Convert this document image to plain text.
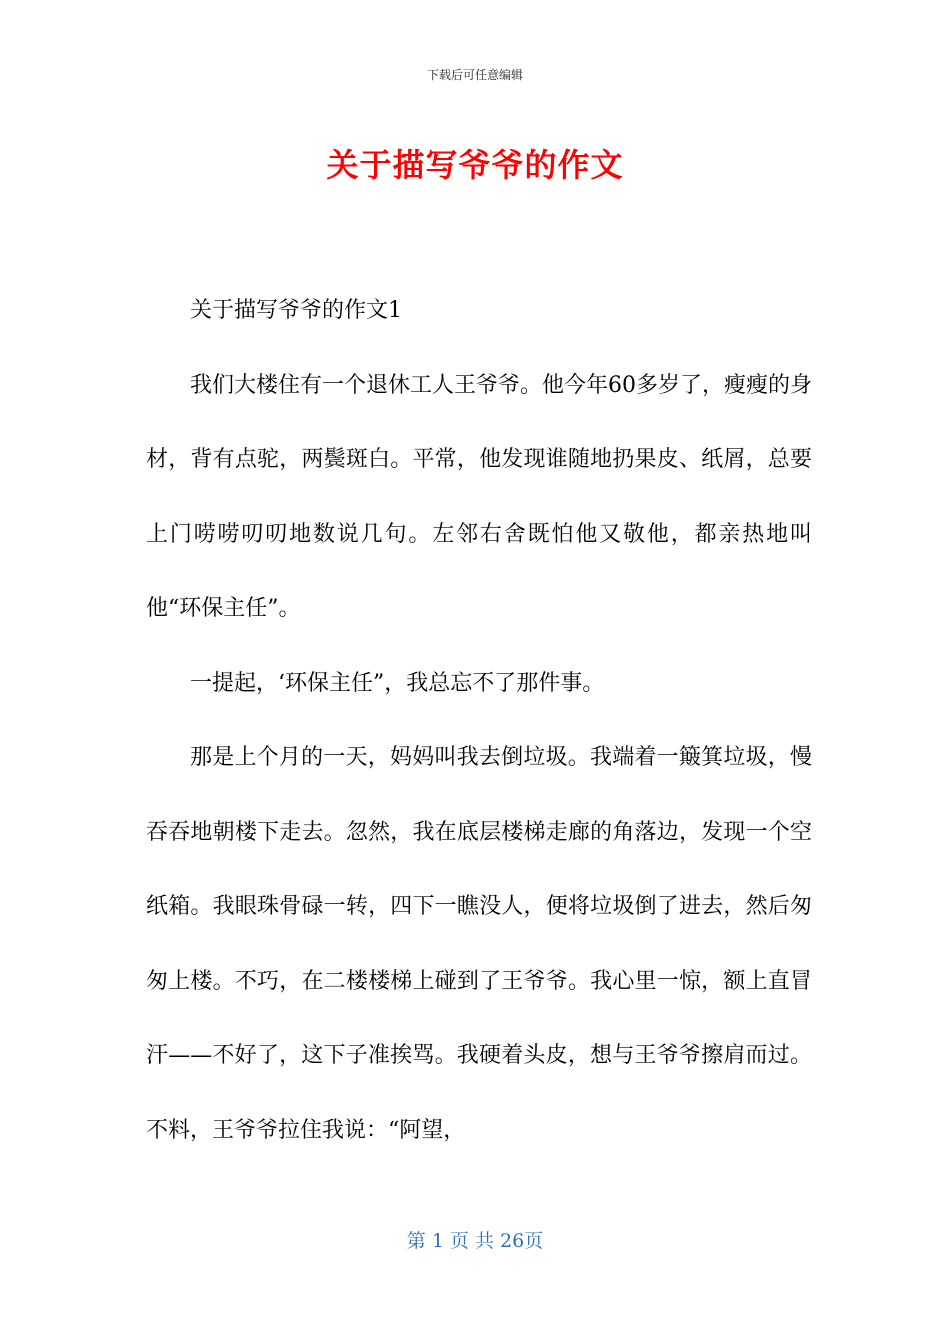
下载后可任意编辑
关于描写爷爷的作文

关于描写爷爷的作文1

我们大楼住有一个退休工人王爷爷。他今年60多岁了，瘦瘦的身材，背有点驼，两鬓斑白。平常，他发现谁随地扔果皮、纸屑，总要上门唠唠叨叨地数说几句。左邻右舍既怕他又敬他，都亲热地叫他“环保主任”。

一提起，‘环保主任”，我总忘不了那件事。

那是上个月的一天，妈妈叫我去倒垃圾。我端着一簸箕垃圾，慢吞吞地朝楼下走去。忽然，我在底层楼梯走廊的角落边，发现一个空纸箱。我眼珠骨碌一转，四下一瞧没人，便将垃圾倒了进去，然后匆匆上楼。不巧，在二楼楼梯上碰到了王爷爷。我心里一惊，额上直冒汗——不好了，这下子准挨骂。我硬着头皮，想与王爷爷擦肩而过。不料，王爷爷拉住我说：“阿望，

第 1 页 共 26页
